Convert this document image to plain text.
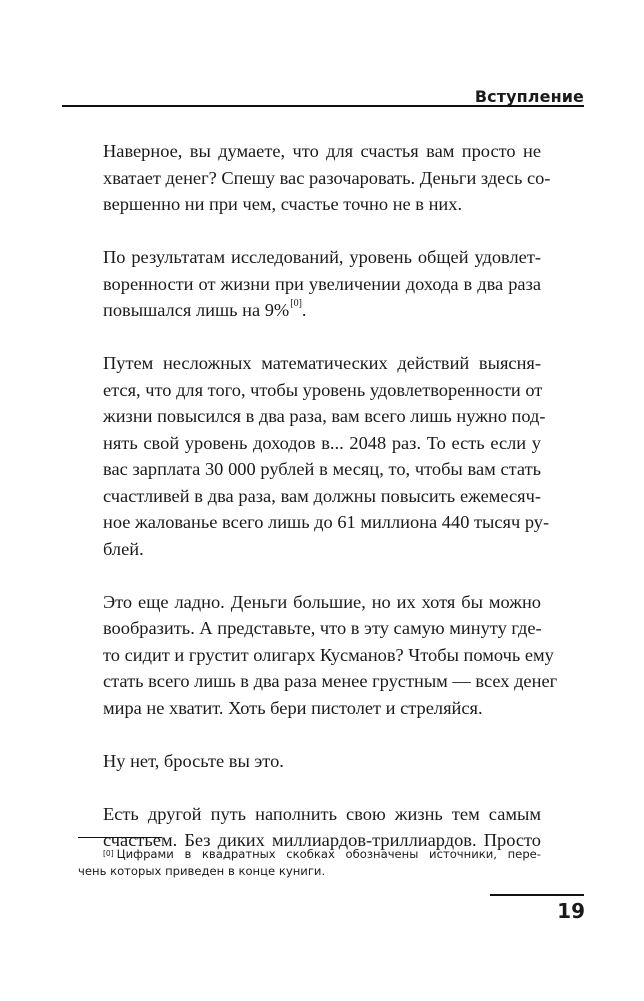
Вступление

Наверное, вы думаете, что для счастья вам просто не
хватает денег? Спешу вас разочаровать. Деньги здесь со-
вершенно ни при чем, счастье точно не в них.

По результатам исследований, уровень общей удовлет-
воренности от жизни при увеличении дохода в два раза
повышался лишь на 9%[0].

Путем несложных математических действий выясня-
ется, что для того, чтобы уровень удовлетворенности от
жизни повысился в два раза, вам всего лишь нужно под-
нять свой уровень доходов в... 2048 раз. То есть если у
вас зарплата 30 000 рублей в месяц, то, чтобы вам стать
счастливей в два раза, вам должны повысить ежемесяч-
ное жалованье всего лишь до 61 миллиона 440 тысяч ру-
блей.

Это еще ладно. Деньги большие, но их хотя бы можно
вообразить. А представьте, что в эту самую минуту где-
то сидит и грустит олигарх Кусманов? Чтобы помочь ему
стать всего лишь в два раза менее грустным — всех денег
мира не хватит. Хоть бери пистолет и стреляйся.

Ну нет, бросьте вы это.

Есть другой путь наполнить свою жизнь тем самым
счастьем. Без диких миллиардов-триллиардов. Просто

[0] Цифрами в квадратных скобках обозначены источники, пере-
чень которых приведен в конце куниги.
19
